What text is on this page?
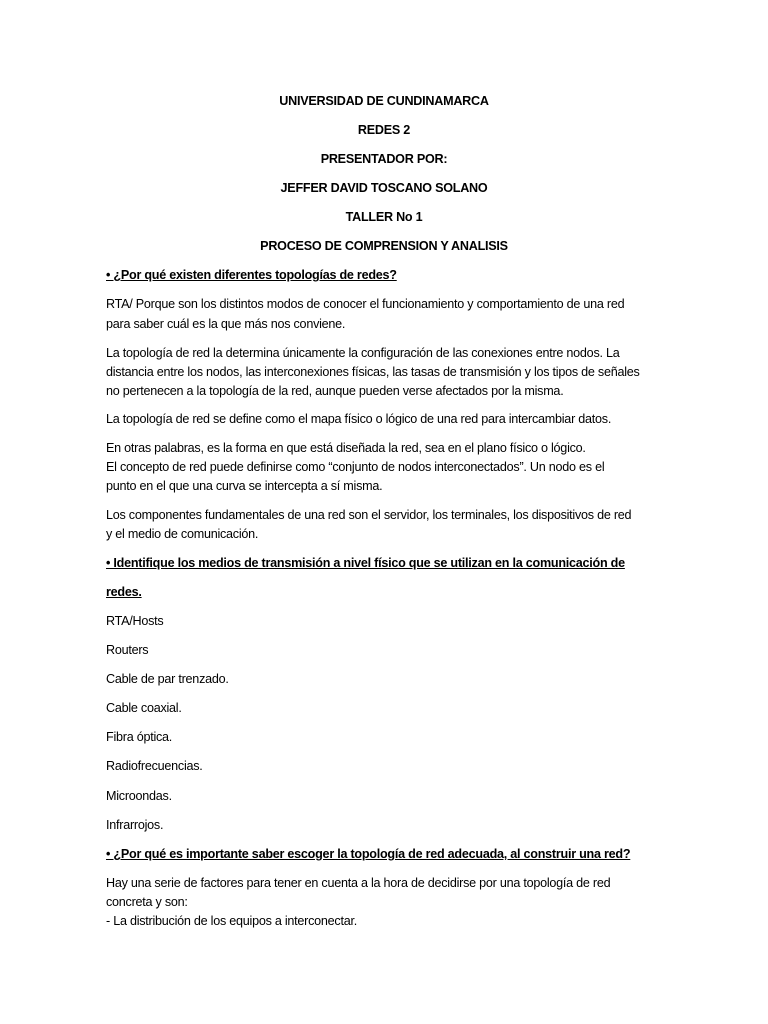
UNIVERSIDAD DE CUNDINAMARCA
REDES 2
PRESENTADOR POR:
JEFFER DAVID TOSCANO SOLANO
TALLER No 1
PROCESO DE COMPRENSION Y ANALISIS
• ¿Por qué existen diferentes topologías de redes?
RTA/ Porque son los distintos modos de conocer el funcionamiento y comportamiento de una red
para saber cuál es la que más nos conviene.
La topología de red la determina únicamente la configuración de las conexiones entre nodos. La
distancia entre los nodos, las interconexiones físicas, las tasas de transmisión y los tipos de señales
no pertenecen a la topología de la red, aunque pueden verse afectados por la misma.
La topología de red se define como el mapa físico o lógico de una red para intercambiar datos.
En otras palabras, es la forma en que está diseñada la red, sea en el plano físico o lógico.
El concepto de red puede definirse como “conjunto de nodos interconectados”. Un nodo es el
punto en el que una curva se intercepta a sí misma.
Los componentes fundamentales de una red son el servidor, los terminales, los dispositivos de red
y el medio de comunicación.
• Identifique los medios de transmisión a nivel físico que se utilizan en la comunicación de
redes.
RTA/Hosts
Routers
Cable de par trenzado.
Cable coaxial.
Fibra óptica.
Radiofrecuencias.
Microondas.
Infrarrojos.
• ¿Por qué es importante saber escoger la topología de red adecuada, al construir una red?
Hay una serie de factores para tener en cuenta a la hora de decidirse por una topología de red
concreta y son:
- La distribución de los equipos a interconectar.
